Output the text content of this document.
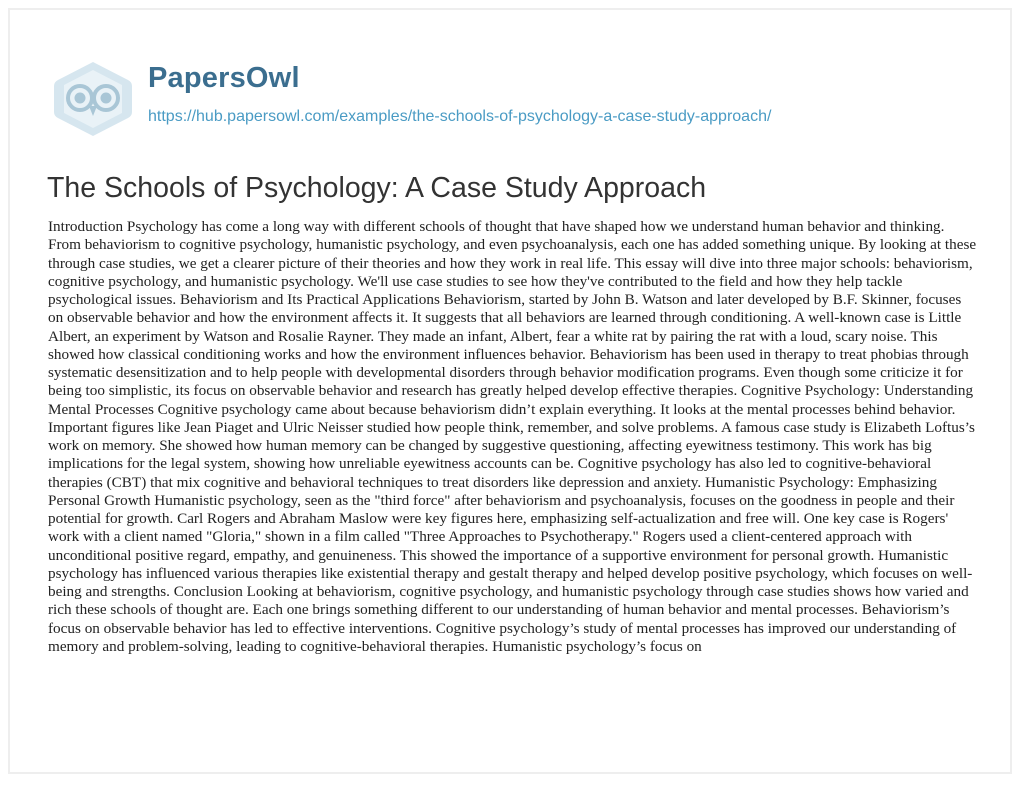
PapersOwl
https://hub.papersowl.com/examples/the-schools-of-psychology-a-case-study-approach/
The Schools of Psychology: A Case Study Approach

Introduction Psychology has come a long way with different schools of thought that have shaped how we understand human behavior and thinking. From behaviorism to cognitive psychology, humanistic psychology, and even psychoanalysis, each one has added something unique. By looking at these through case studies, we get a clearer picture of their theories and how they work in real life. This essay will dive into three major schools: behaviorism, cognitive psychology, and humanistic psychology. We'll use case studies to see how they've contributed to the field and how they help tackle psychological issues. Behaviorism and Its Practical Applications Behaviorism, started by John B. Watson and later developed by B.F. Skinner, focuses on observable behavior and how the environment affects it. It suggests that all behaviors are learned through conditioning. A well-known case is Little Albert, an experiment by Watson and Rosalie Rayner. They made an infant, Albert, fear a white rat by pairing the rat with a loud, scary noise. This showed how classical conditioning works and how the environment influences behavior. Behaviorism has been used in therapy to treat phobias through systematic desensitization and to help people with developmental disorders through behavior modification programs. Even though some criticize it for being too simplistic, its focus on observable behavior and research has greatly helped develop effective therapies. Cognitive Psychology: Understanding Mental Processes Cognitive psychology came about because behaviorism didn’t explain everything. It looks at the mental processes behind behavior. Important figures like Jean Piaget and Ulric Neisser studied how people think, remember, and solve problems. A famous case study is Elizabeth Loftus’s work on memory. She showed how human memory can be changed by suggestive questioning, affecting eyewitness testimony. This work has big implications for the legal system, showing how unreliable eyewitness accounts can be. Cognitive psychology has also led to cognitive-behavioral therapies (CBT) that mix cognitive and behavioral techniques to treat disorders like depression and anxiety. Humanistic Psychology: Emphasizing Personal Growth Humanistic psychology, seen as the "third force" after behaviorism and psychoanalysis, focuses on the goodness in people and their potential for growth. Carl Rogers and Abraham Maslow were key figures here, emphasizing self-actualization and free will. One key case is Rogers' work with a client named "Gloria," shown in a film called "Three Approaches to Psychotherapy." Rogers used a client-centered approach with unconditional positive regard, empathy, and genuineness. This showed the importance of a supportive environment for personal growth. Humanistic psychology has influenced various therapies like existential therapy and gestalt therapy and helped develop positive psychology, which focuses on well-being and strengths. Conclusion Looking at behaviorism, cognitive psychology, and humanistic psychology through case studies shows how varied and rich these schools of thought are. Each one brings something different to our understanding of human behavior and mental processes. Behaviorism’s focus on observable behavior has led to effective interventions. Cognitive psychology’s study of mental processes has improved our understanding of memory and problem-solving, leading to cognitive-behavioral therapies. Humanistic psychology’s focus on
